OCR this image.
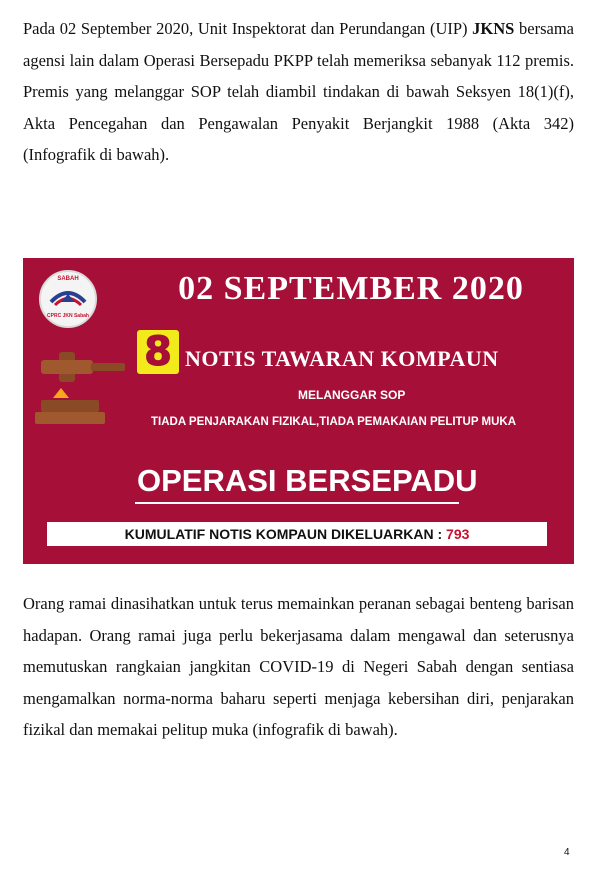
Pada 02 September 2020, Unit Inspektorat dan Perundangan (UIP) JKNS bersama agensi lain dalam Operasi Bersepadu PKPP telah memeriksa sebanyak 112 premis. Premis yang melanggar SOP telah diambil tindakan di bawah Seksyen 18(1)(f), Akta Pencegahan dan Pengawalan Penyakit Berjangkit 1988 (Akta 342) (Infografik di bawah).

SABAH
CPRC JKN Sabah
02 SEPTEMBER 2020
8 NOTIS TAWARAN KOMPAUN
MELANGGAR SOP
TIADA PENJARAKAN FIZIKAL,TIADA PEMAKAIAN PELITUP MUKA
OPERASI BERSEPADU
KUMULATIF NOTIS KOMPAUN DIKELUARKAN : 793

Orang ramai dinasihatkan untuk terus memainkan peranan sebagai benteng barisan hadapan. Orang ramai juga perlu bekerjasama dalam mengawal dan seterusnya memutuskan rangkaian jangkitan COVID-19 di Negeri Sabah dengan sentiasa mengamalkan norma-norma baharu seperti menjaga kebersihan diri, penjarakan fizikal dan memakai pelitup muka (infografik di bawah).

4
